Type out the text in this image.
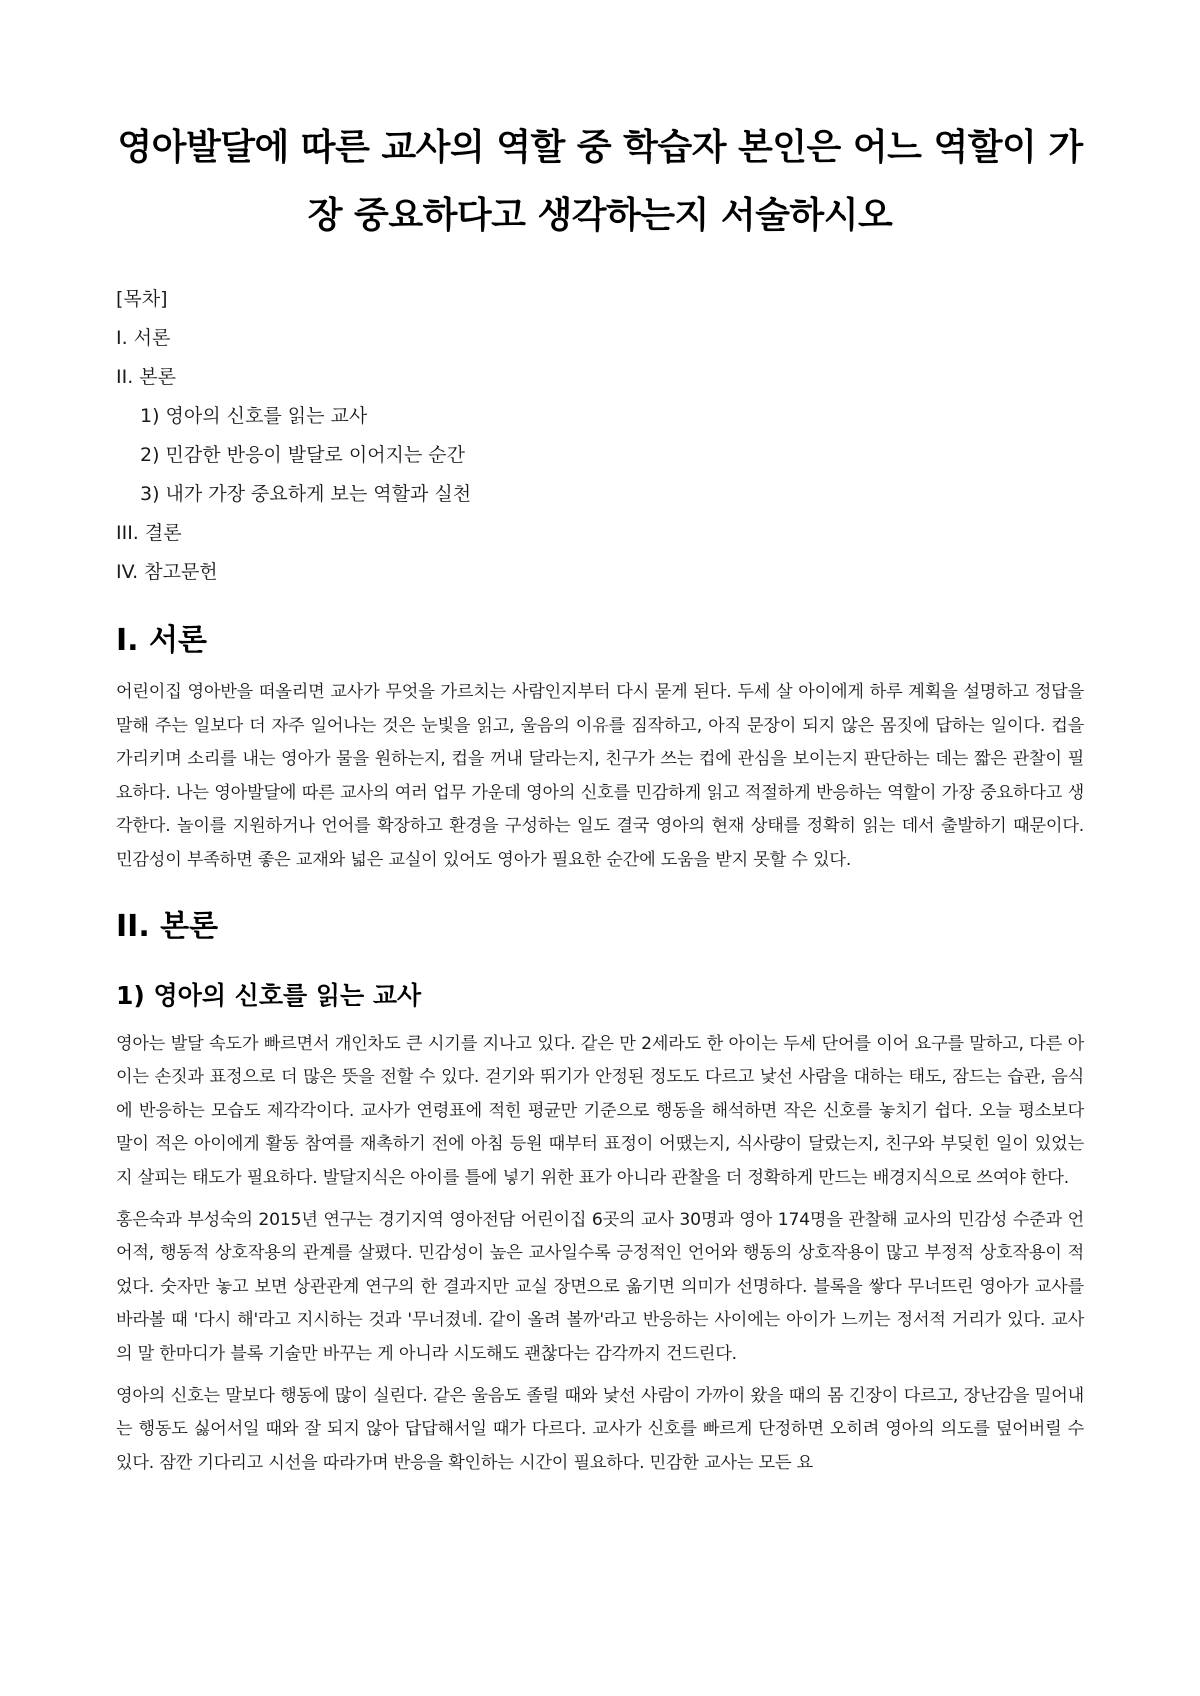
영아발달에 따른 교사의 역할 중 학습자 본인은 어느 역할이 가장 중요하다고 생각하는지 서술하시오
[목차]
I. 서론
II. 본론
1) 영아의 신호를 읽는 교사
2) 민감한 반응이 발달로 이어지는 순간
3) 내가 가장 중요하게 보는 역할과 실천
III. 결론
IV. 참고문헌
I. 서론

어린이집 영아반을 떠올리면 교사가 무엇을 가르치는 사람인지부터 다시 묻게 된다. 두세 살 아이에게 하루 계획을 설명하고 정답을 말해 주는 일보다 더 자주 일어나는 것은 눈빛을 읽고, 울음의 이유를 짐작하고, 아직 문장이 되지 않은 몸짓에 답하는 일이다. 컵을 가리키며 소리를 내는 영아가 물을 원하는지, 컵을 꺼내 달라는지, 친구가 쓰는 컵에 관심을 보이는지 판단하는 데는 짧은 관찰이 필요하다. 나는 영아발달에 따른 교사의 여러 업무 가운데 영아의 신호를 민감하게 읽고 적절하게 반응하는 역할이 가장 중요하다고 생각한다. 놀이를 지원하거나 언어를 확장하고 환경을 구성하는 일도 결국 영아의 현재 상태를 정확히 읽는 데서 출발하기 때문이다. 민감성이 부족하면 좋은 교재와 넓은 교실이 있어도 영아가 필요한 순간에 도움을 받지 못할 수 있다.

II. 본론
1) 영아의 신호를 읽는 교사

영아는 발달 속도가 빠르면서 개인차도 큰 시기를 지나고 있다. 같은 만 2세라도 한 아이는 두세 단어를 이어 요구를 말하고, 다른 아이는 손짓과 표정으로 더 많은 뜻을 전할 수 있다. 걷기와 뛰기가 안정된 정도도 다르고 낯선 사람을 대하는 태도, 잠드는 습관, 음식에 반응하는 모습도 제각각이다. 교사가 연령표에 적힌 평균만 기준으로 행동을 해석하면 작은 신호를 놓치기 쉽다. 오늘 평소보다 말이 적은 아이에게 활동 참여를 재촉하기 전에 아침 등원 때부터 표정이 어땠는지, 식사량이 달랐는지, 친구와 부딪힌 일이 있었는지 살피는 태도가 필요하다. 발달지식은 아이를 틀에 넣기 위한 표가 아니라 관찰을 더 정확하게 만드는 배경지식으로 쓰여야 한다.

홍은숙과 부성숙의 2015년 연구는 경기지역 영아전담 어린이집 6곳의 교사 30명과 영아 174명을 관찰해 교사의 민감성 수준과 언어적, 행동적 상호작용의 관계를 살폈다. 민감성이 높은 교사일수록 긍정적인 언어와 행동의 상호작용이 많고 부정적 상호작용이 적었다. 숫자만 놓고 보면 상관관계 연구의 한 결과지만 교실 장면으로 옮기면 의미가 선명하다. 블록을 쌓다 무너뜨린 영아가 교사를 바라볼 때 '다시 해'라고 지시하는 것과 '무너졌네. 같이 올려 볼까'라고 반응하는 사이에는 아이가 느끼는 정서적 거리가 있다. 교사의 말 한마디가 블록 기술만 바꾸는 게 아니라 시도해도 괜찮다는 감각까지 건드린다.

영아의 신호는 말보다 행동에 많이 실린다. 같은 울음도 졸릴 때와 낯선 사람이 가까이 왔을 때의 몸 긴장이 다르고, 장난감을 밀어내는 행동도 싫어서일 때와 잘 되지 않아 답답해서일 때가 다르다. 교사가 신호를 빠르게 단정하면 오히려 영아의 의도를 덮어버릴 수 있다. 잠깐 기다리고 시선을 따라가며 반응을 확인하는 시간이 필요하다. 민감한 교사는 모든 요
